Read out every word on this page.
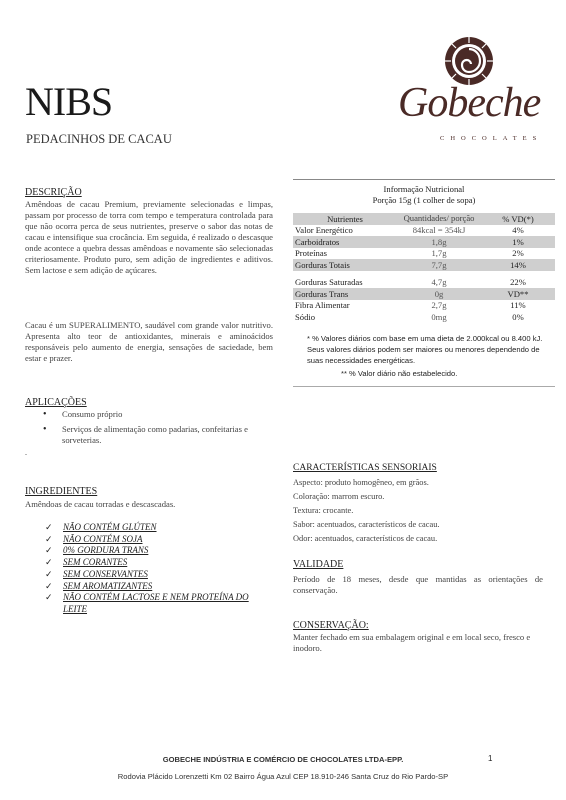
NIBS
PEDACINHOS DE CACAU
Gobeche
CHOCOLATES
DESCRIÇÃO
Amêndoas de cacau Premium, previamente selecionadas e limpas, passam por processo de torra com tempo e temperatura controlada para que não ocorra perca de seus nutrientes, preserve o sabor das notas de cacau e intensifique sua crocância. Em seguida, é realizado o descasque onde acontece a quebra dessas amêndoas e novamente são selecionadas criteriosamente. Produto puro, sem adição de ingredientes e aditivos. Sem lactose e sem adição de açúcares.
Cacau é um SUPERALIMENTO, saudável com grande valor nutritivo. Apresenta alto teor de antioxidantes, minerais e aminoácidos responsáveis pelo aumento de energia, sensações de saciedade, bem estar e prazer.
APLICAÇÕES
• Consumo próprio
• Serviços de alimentação como padarias, confeitarias e sorveterias.
.
INGREDIENTES
Amêndoas de cacau torradas e descascadas.
✓ NÃO CONTÉM GLÚTEN
✓ NÃO CONTÉM SOJA
✓ 0% GORDURA TRANS
✓ SEM CORANTES
✓ SEM CONSERVANTES
✓ SEM AROMATIZANTES
✓ NÃO CONTÉM LACTOSE E NEM PROTEÍNA DO LEITE
Informação Nutricional
Porção 15g (1 colher de sopa)
Nutrientes	Quantidades/ porção	% VD(*)
Valor Energético	84kcal = 354kJ	4%
Carboidratos	1,8g	1%
Proteínas	1,7g	2%
Gorduras Totais	7,7g	14%

Gorduras Saturadas	4,7g	22%
Gorduras Trans	0g	VD**
Fibra Alimentar	2,7g	11%
Sódio	0mg	0%
* % Valores diários com base em uma dieta de 2.000kcal ou 8.400 kJ. Seus valores diários podem ser maiores ou menores dependendo de suas necessidades energéticas.
** % Valor diário não estabelecido.
CARACTERÍSTICAS SENSORIAIS
Aspecto: produto homogêneo, em grãos.
Coloração: marrom escuro.
Textura: crocante.
Sabor: acentuados, característicos de cacau.
Odor: acentuados, característicos de cacau.
VALIDADE
Período de 18 meses, desde que mantidas as orientações de conservação.
CONSERVAÇÃO:
Manter fechado em sua embalagem original e em local seco, fresco e inodoro.
GOBECHE INDÚSTRIA E COMÉRCIO DE CHOCOLATES LTDA-EPP.	1
Rodovia Plácido Lorenzetti Km 02 Bairro Água Azul CEP 18.910-246 Santa Cruz do Rio Pardo-SP
